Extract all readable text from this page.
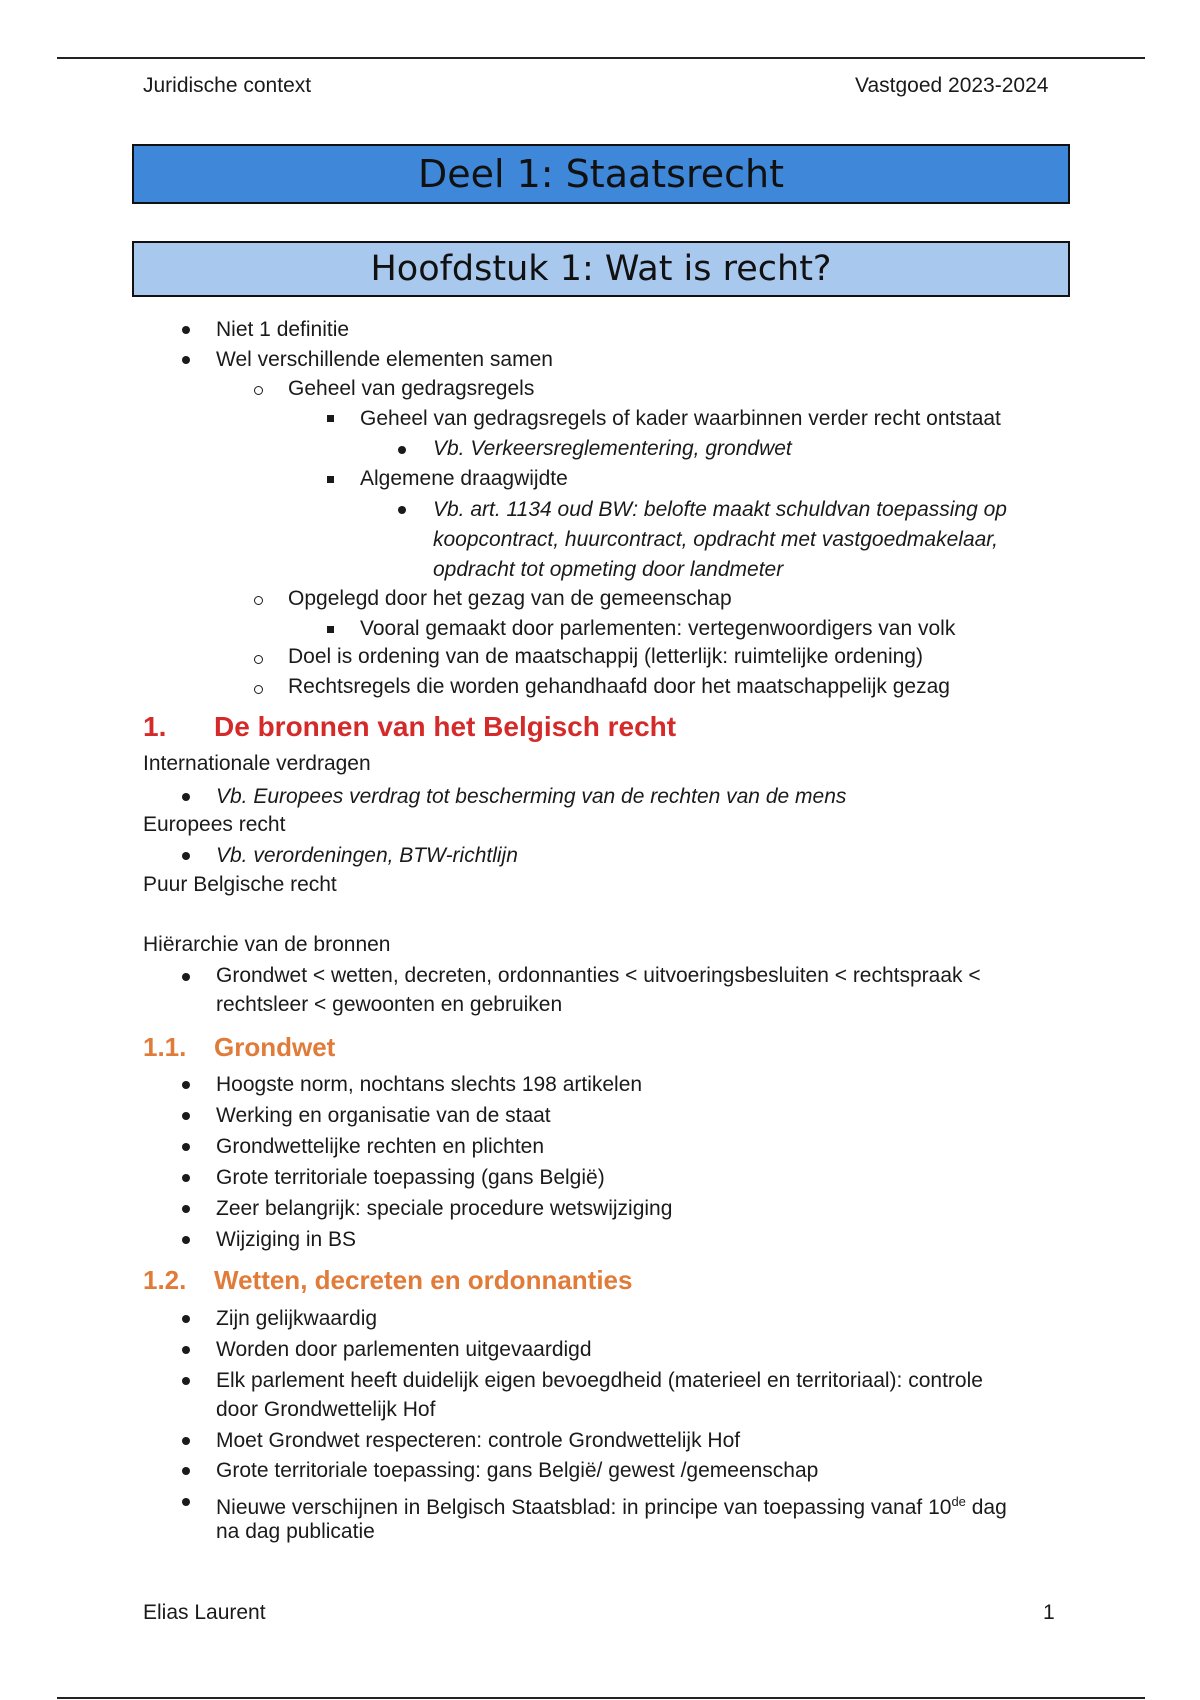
Juridische context	Vastgoed 2023-2024
Deel 1: Staatsrecht
Hoofdstuk 1: Wat is recht?
Niet 1 definitie
Wel verschillende elementen samen
Geheel van gedragsregels
Geheel van gedragsregels of kader waarbinnen verder recht ontstaat
Vb. Verkeersreglementering, grondwet
Algemene draagwijdte
Vb. art. 1134 oud BW: belofte maakt schuldvan toepassing op
koopcontract, huurcontract, opdracht met vastgoedmakelaar,
opdracht tot opmeting door landmeter
Opgelegd door het gezag van de gemeenschap
Vooral gemaakt door parlementen: vertegenwoordigers van volk
Doel is ordening van de maatschappij (letterlijk: ruimtelijke ordening)
Rechtsregels die worden gehandhaafd door het maatschappelijk gezag
1. De bronnen van het Belgisch recht
Internationale verdragen
Vb. Europees verdrag tot bescherming van de rechten van de mens
Europees recht
Vb. verordeningen, BTW-richtlijn
Puur Belgische recht
Hiërarchie van de bronnen
Grondwet < wetten, decreten, ordonnanties < uitvoeringsbesluiten < rechtspraak <
rechtsleer < gewoonten en gebruiken
1.1. Grondwet
Hoogste norm, nochtans slechts 198 artikelen
Werking en organisatie van de staat
Grondwettelijke rechten en plichten
Grote territoriale toepassing (gans België)
Zeer belangrijk: speciale procedure wetswijziging
Wijziging in BS
1.2. Wetten, decreten en ordonnanties
Zijn gelijkwaardig
Worden door parlementen uitgevaardigd
Elk parlement heeft duidelijk eigen bevoegdheid (materieel en territoriaal): controle
door Grondwettelijk Hof
Moet Grondwet respecteren: controle Grondwettelijk Hof
Grote territoriale toepassing: gans België/ gewest /gemeenschap
Nieuwe verschijnen in Belgisch Staatsblad: in principe van toepassing vanaf 10de dag
na dag publicatie
Elias Laurent	1
